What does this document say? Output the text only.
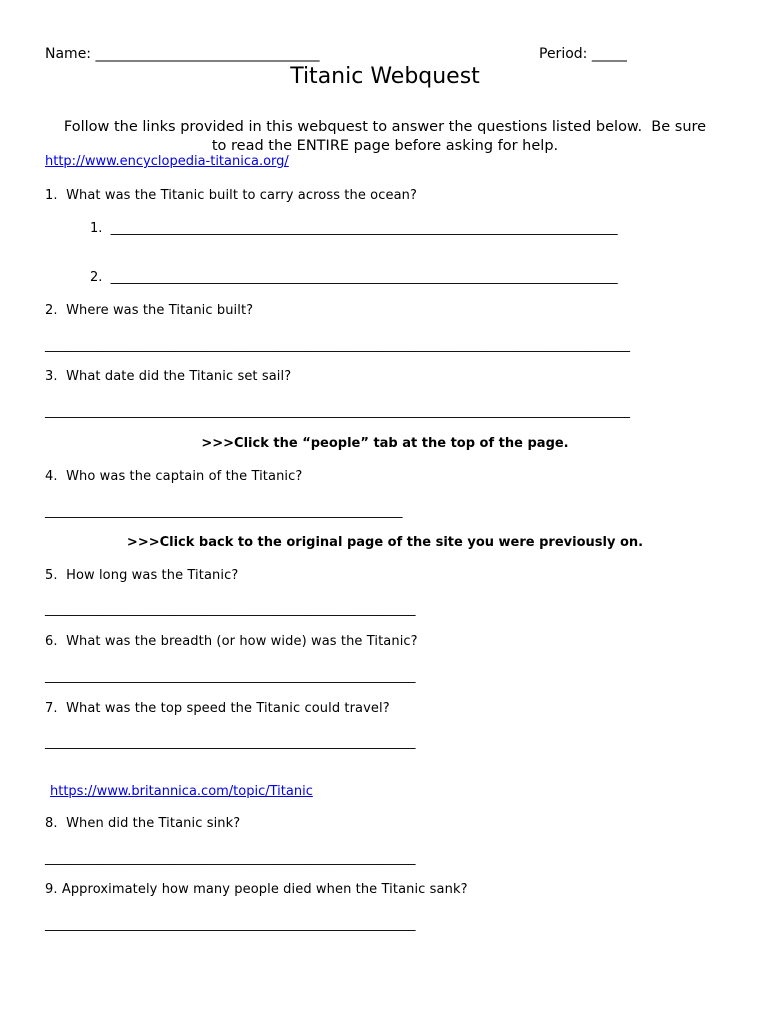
Name: ________________________________	Period: _____
Titanic Webquest
Follow the links provided in this webquest to answer the questions listed below.  Be sure
to read the ENTIRE page before asking for help.
http://www.encyclopedia-titanica.org/
1.  What was the Titanic built to carry across the ocean?
1.  ______________________________________________________________________________
2.  ______________________________________________________________________________
2.  Where was the Titanic built?
__________________________________________________________________________________________
3.  What date did the Titanic set sail?
__________________________________________________________________________________________
>>>Click the “people” tab at the top of the page.
4.  Who was the captain of the Titanic?
_______________________________________________________
>>>Click back to the original page of the site you were previously on.
5.  How long was the Titanic?
_________________________________________________________
6.  What was the breadth (or how wide) was the Titanic?
_________________________________________________________
7.  What was the top speed the Titanic could travel?
_________________________________________________________
https://www.britannica.com/topic/Titanic
8.  When did the Titanic sink?
_________________________________________________________
9. Approximately how many people died when the Titanic sank?
_________________________________________________________
